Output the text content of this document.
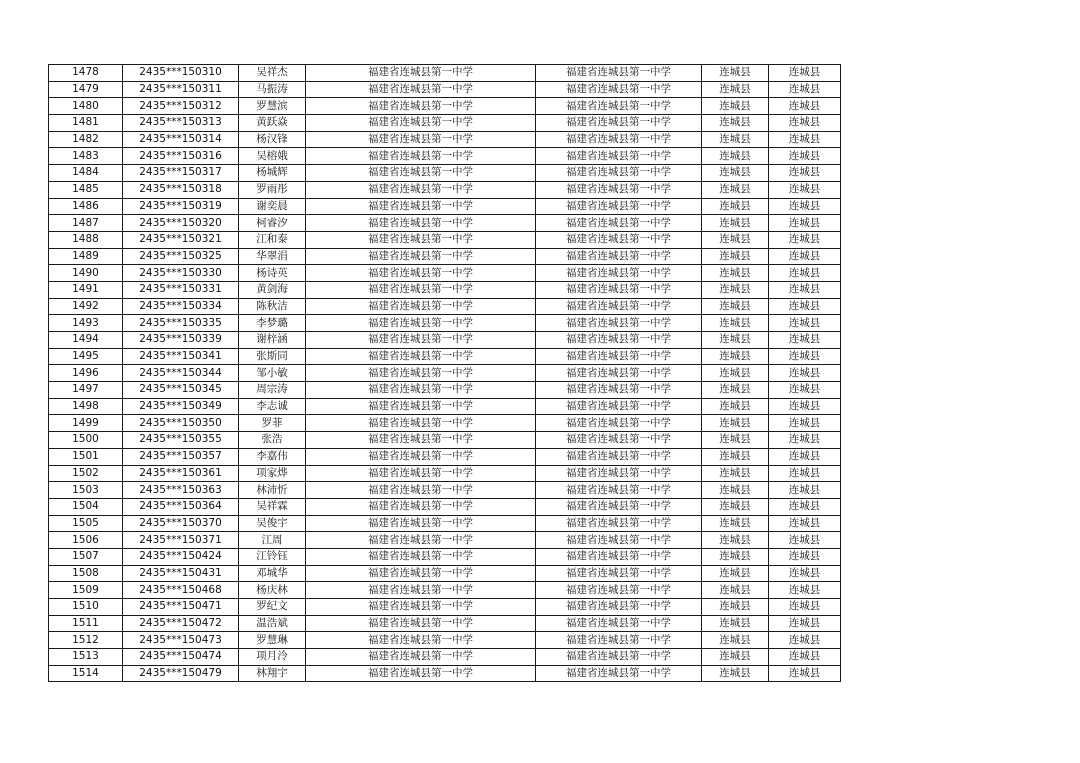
1478	2435***150310	吴祥杰	福建省连城县第一中学	福建省连城县第一中学	连城县	连城县
1479	2435***150311	马振涛	福建省连城县第一中学	福建省连城县第一中学	连城县	连城县
1480	2435***150312	罗慧滨	福建省连城县第一中学	福建省连城县第一中学	连城县	连城县
1481	2435***150313	黄跃焱	福建省连城县第一中学	福建省连城县第一中学	连城县	连城县
1482	2435***150314	杨汉锋	福建省连城县第一中学	福建省连城县第一中学	连城县	连城县
1483	2435***150316	吴榕娥	福建省连城县第一中学	福建省连城县第一中学	连城县	连城县
1484	2435***150317	杨城辉	福建省连城县第一中学	福建省连城县第一中学	连城县	连城县
1485	2435***150318	罗雨彤	福建省连城县第一中学	福建省连城县第一中学	连城县	连城县
1486	2435***150319	谢奕晨	福建省连城县第一中学	福建省连城县第一中学	连城县	连城县
1487	2435***150320	柯睿汐	福建省连城县第一中学	福建省连城县第一中学	连城县	连城县
1488	2435***150321	江和泰	福建省连城县第一中学	福建省连城县第一中学	连城县	连城县
1489	2435***150325	华翠涓	福建省连城县第一中学	福建省连城县第一中学	连城县	连城县
1490	2435***150330	杨诗英	福建省连城县第一中学	福建省连城县第一中学	连城县	连城县
1491	2435***150331	黄剑海	福建省连城县第一中学	福建省连城县第一中学	连城县	连城县
1492	2435***150334	陈秋洁	福建省连城县第一中学	福建省连城县第一中学	连城县	连城县
1493	2435***150335	李梦璐	福建省连城县第一中学	福建省连城县第一中学	连城县	连城县
1494	2435***150339	谢梓涵	福建省连城县第一中学	福建省连城县第一中学	连城县	连城县
1495	2435***150341	张斯同	福建省连城县第一中学	福建省连城县第一中学	连城县	连城县
1496	2435***150344	邹小敏	福建省连城县第一中学	福建省连城县第一中学	连城县	连城县
1497	2435***150345	周宗涛	福建省连城县第一中学	福建省连城县第一中学	连城县	连城县
1498	2435***150349	李志诚	福建省连城县第一中学	福建省连城县第一中学	连城县	连城县
1499	2435***150350	罗菲	福建省连城县第一中学	福建省连城县第一中学	连城县	连城县
1500	2435***150355	张浩	福建省连城县第一中学	福建省连城县第一中学	连城县	连城县
1501	2435***150357	李嘉伟	福建省连城县第一中学	福建省连城县第一中学	连城县	连城县
1502	2435***150361	项家烨	福建省连城县第一中学	福建省连城县第一中学	连城县	连城县
1503	2435***150363	林沛忻	福建省连城县第一中学	福建省连城县第一中学	连城县	连城县
1504	2435***150364	吴祥霖	福建省连城县第一中学	福建省连城县第一中学	连城县	连城县
1505	2435***150370	吴俊宇	福建省连城县第一中学	福建省连城县第一中学	连城县	连城县
1506	2435***150371	江周	福建省连城县第一中学	福建省连城县第一中学	连城县	连城县
1507	2435***150424	江铃钰	福建省连城县第一中学	福建省连城县第一中学	连城县	连城县
1508	2435***150431	邓城华	福建省连城县第一中学	福建省连城县第一中学	连城县	连城县
1509	2435***150468	杨庆林	福建省连城县第一中学	福建省连城县第一中学	连城县	连城县
1510	2435***150471	罗纪文	福建省连城县第一中学	福建省连城县第一中学	连城县	连城县
1511	2435***150472	温浩斌	福建省连城县第一中学	福建省连城县第一中学	连城县	连城县
1512	2435***150473	罗慧琳	福建省连城县第一中学	福建省连城县第一中学	连城县	连城县
1513	2435***150474	项月泠	福建省连城县第一中学	福建省连城县第一中学	连城县	连城县
1514	2435***150479	林翔宇	福建省连城县第一中学	福建省连城县第一中学	连城县	连城县
